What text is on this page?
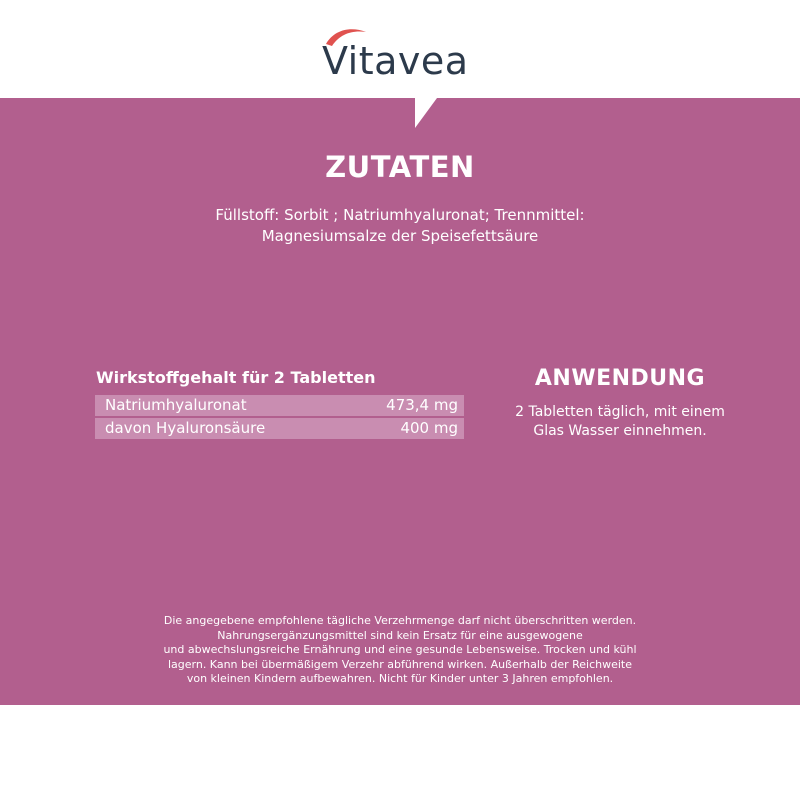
Vitavea
ZUTATEN
Füllstoff: Sorbit ; Natriumhyaluronat; Trennmittel:
Magnesiumsalze der Speisefettsäure
Wirkstoffgehalt für 2 Tabletten
Natriumhyaluronat	473,4 mg
davon Hyaluronsäure	400 mg
ANWENDUNG
2 Tabletten täglich, mit einem
Glas Wasser einnehmen.
Die angegebene empfohlene tägliche Verzehrmenge darf nicht überschritten werden.
Nahrungsergänzungsmittel sind kein Ersatz für eine ausgewogene
und abwechslungsreiche Ernährung und eine gesunde Lebensweise. Trocken und kühl
lagern. Kann bei übermäßigem Verzehr abführend wirken. Außerhalb der Reichweite
von kleinen Kindern aufbewahren. Nicht für Kinder unter 3 Jahren empfohlen.
